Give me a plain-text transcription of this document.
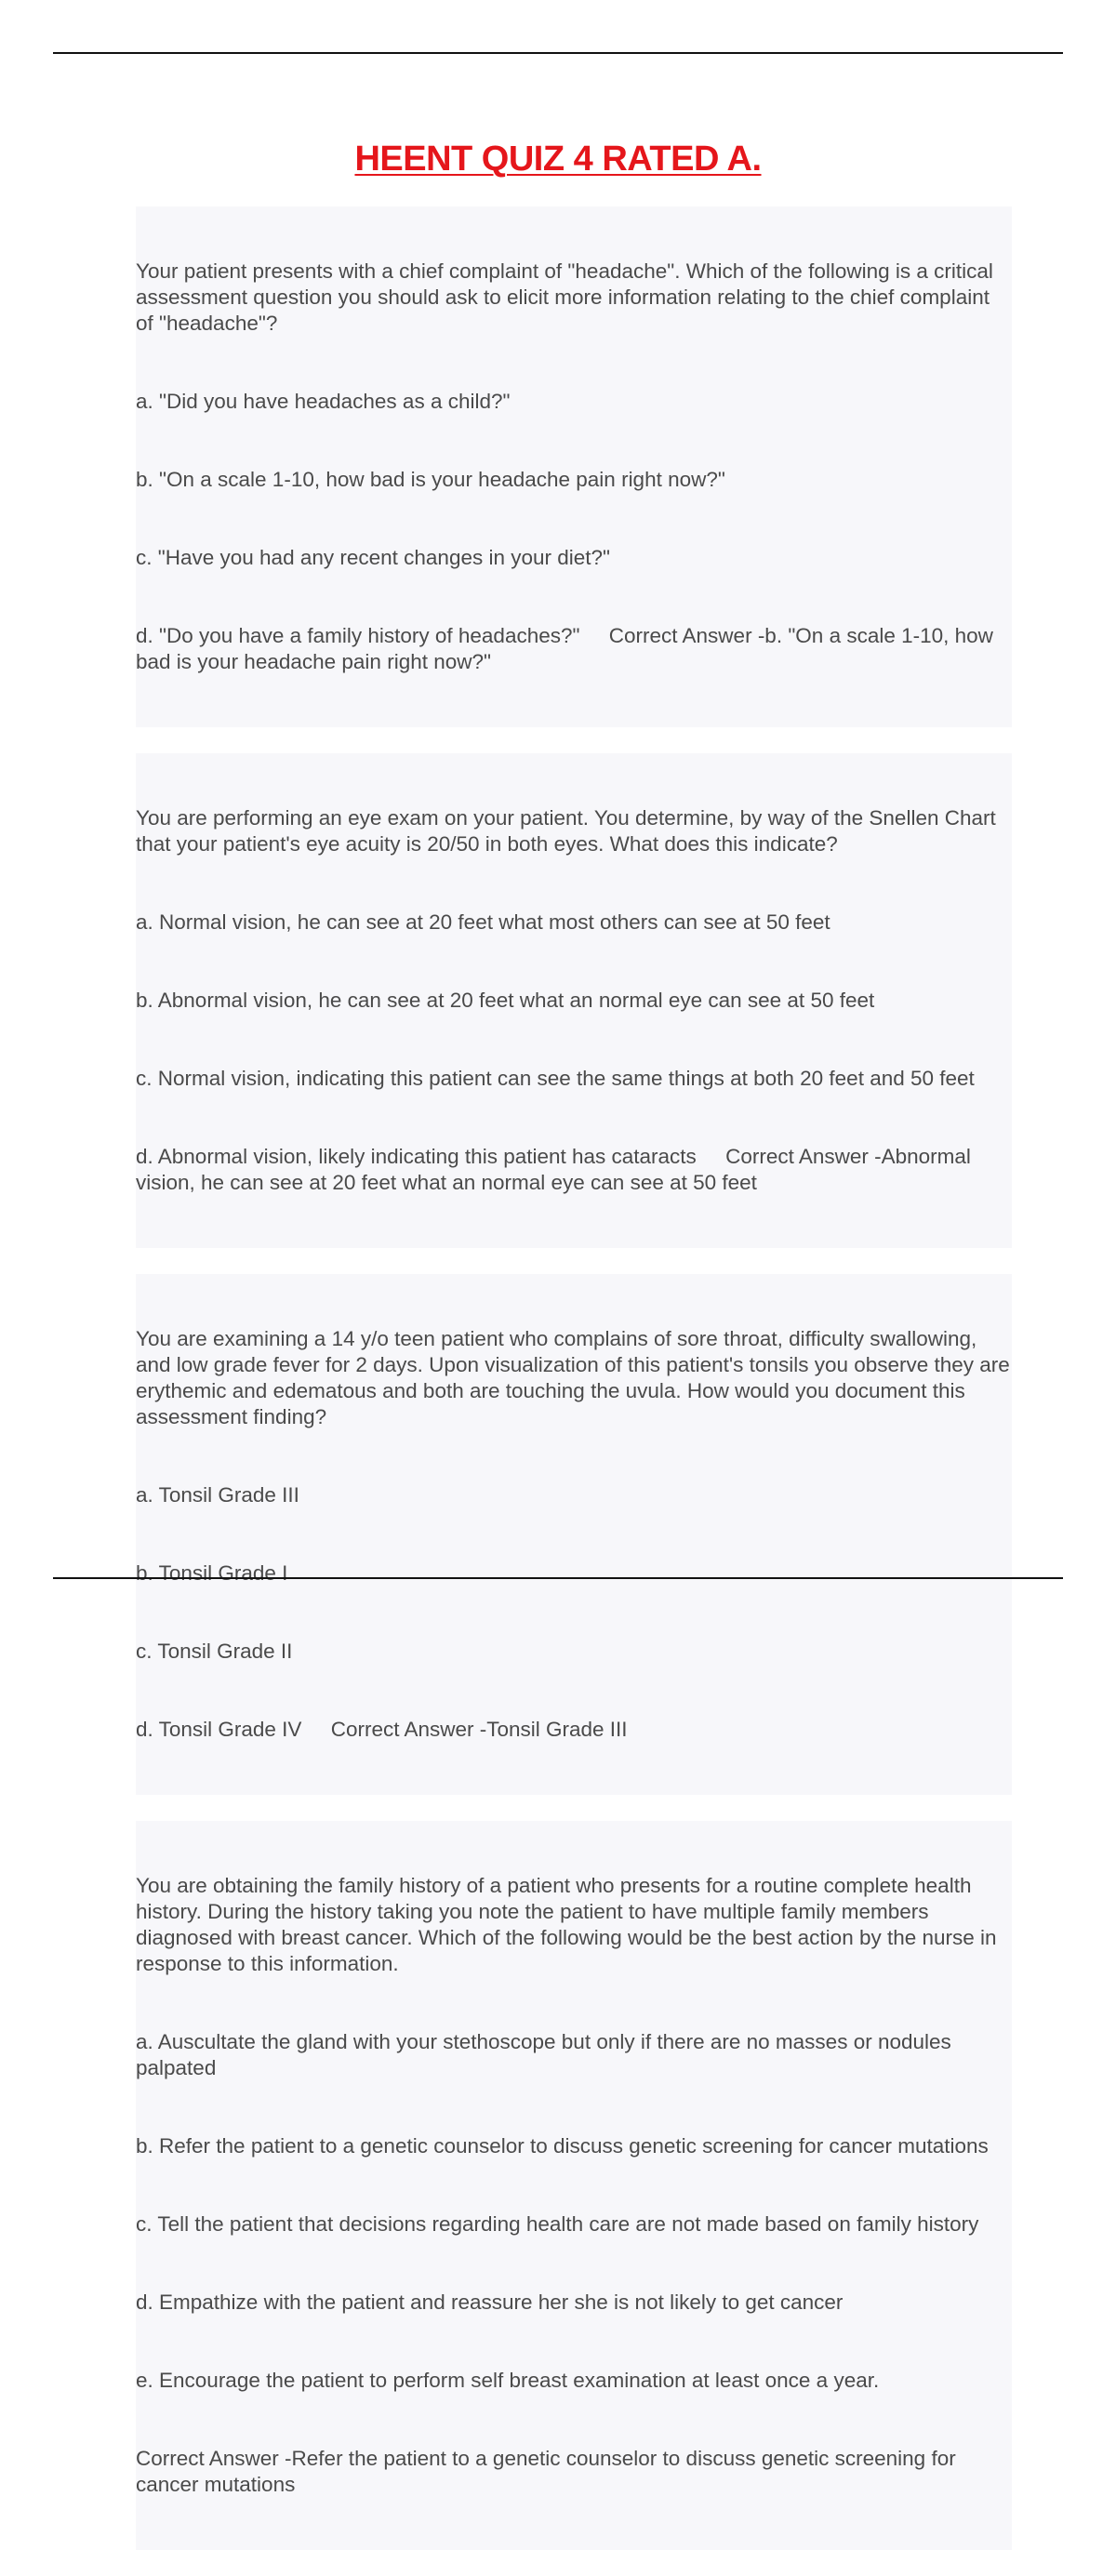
HEENT QUIZ 4 RATED A.

Your patient presents with a chief complaint of "headache". Which of the following is a critical assessment question you should ask to elicit more information relating to the chief complaint of "headache"?

a. "Did you have headaches as a child?"

b. "On a scale 1-10, how bad is your headache pain right now?"

c. "Have you had any recent changes in your diet?"

d. "Do you have a family history of headaches?" Correct Answer -b. "On a scale 1-10, how bad is your headache pain right now?"

You are performing an eye exam on your patient. You determine, by way of the Snellen Chart that your patient's eye acuity is 20/50 in both eyes. What does this indicate?

a. Normal vision, he can see at 20 feet what most others can see at 50 feet

b. Abnormal vision, he can see at 20 feet what an normal eye can see at 50 feet

c. Normal vision, indicating this patient can see the same things at both 20 feet and 50 feet

d. Abnormal vision, likely indicating this patient has cataracts Correct Answer -Abnormal vision, he can see at 20 feet what an normal eye can see at 50 feet

You are examining a 14 y/o teen patient who complains of sore throat, difficulty swallowing, and low grade fever for 2 days. Upon visualization of this patient's tonsils you observe they are erythemic and edematous and both are touching the uvula. How would you document this assessment finding?

a. Tonsil Grade III

b. Tonsil Grade I

c. Tonsil Grade II

d. Tonsil Grade IV Correct Answer -Tonsil Grade III

You are obtaining the family history of a patient who presents for a routine complete health history. During the history taking you note the patient to have multiple family members diagnosed with breast cancer. Which of the following would be the best action by the nurse in response to this information.

a. Auscultate the gland with your stethoscope but only if there are no masses or nodules palpated

b. Refer the patient to a genetic counselor to discuss genetic screening for cancer mutations

c. Tell the patient that decisions regarding health care are not made based on family history

d. Empathize with the patient and reassure her she is not likely to get cancer

e. Encourage the patient to perform self breast examination at least once a year.

Correct Answer -Refer the patient to a genetic counselor to discuss genetic screening for cancer mutations
